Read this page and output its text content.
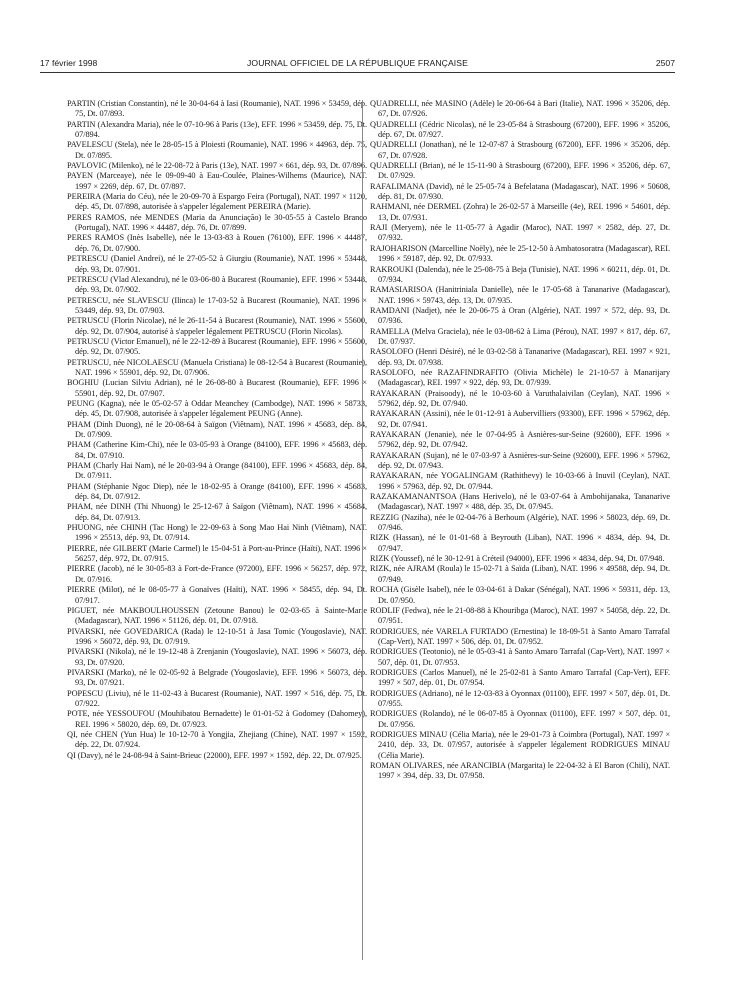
JOURNAL OFFICIEL DE LA RÉPUBLIQUE FRANÇAISE
17 février 1998	2507

PARTIN (Cristian Constantin), né le 30-04-64 à Iasi (Roumanie), NAT. 1996 × 53459, dép. 75, Dt. 07/893.

PARTIN (Alexandra Maria), née le 07-10-96 à Paris (13e), EFF. 1996 × 53459, dép. 75, Dt. 07/894.

PAVELESCU (Stela), née le 28-05-15 à Ploiesti (Roumanie), NAT. 1996 × 44963, dép. 75, Dt. 07/895.

PAVLOVIC (Milenko), né le 22-08-72 à Paris (13e), NAT. 1997 × 661, dép. 93, Dt. 07/896.

PAYEN (Marceaye), née le 09-09-40 à Eau-Coulée, Plaines-Wilhems (Maurice), NAT. 1997 × 2269, dép. 67, Dt. 07/897.

PEREIRA (Maria do Céu), née le 20-09-70 à Espargo Feira (Portugal), NAT. 1997 × 1120, dép. 45, Dt. 07/898, autorisée à s'appeler légalement PEREIRA (Marie).

PERES RAMOS, née MENDES (Maria da Anunciação) le 30-05-55 à Castelo Branco (Portugal), NAT. 1996 × 44487, dép. 76, Dt. 07/899.

PERES RAMOS (Inès Isabelle), née le 13-03-83 à Rouen (76100), EFF. 1996 × 44487, dép. 76, Dt. 07/900.

PETRESCU (Daniel Andrei), né le 27-05-52 à Giurgiu (Roumanie), NAT. 1996 × 53448, dép. 93, Dt. 07/901.

PETRESCU (Vlad Alexandru), né le 03-06-80 à Bucarest (Roumanie), EFF. 1996 × 53448, dép. 93, Dt. 07/902.

PETRESCU, née SLAVESCU (Ilinca) le 17-03-52 à Bucarest (Roumanie), NAT. 1996 × 53449, dép. 93, Dt. 07/903.

PETRUSCU (Florin Nicolae), né le 26-11-54 à Bucarest (Roumanie), NAT. 1996 × 55600, dép. 92, Dt. 07/904, autorisé à s'appeler légalement PETRUSCU (Florin Nicolas).

PETRUSCU (Victor Emanuel), né le 22-12-89 à Bucarest (Roumanie), EFF. 1996 × 55600, dép. 92, Dt. 07/905.

PETRUSCU, née NICOLAESCU (Manuela Cristiana) le 08-12-54 à Bucarest (Roumanie), NAT. 1996 × 55901, dép. 92, Dt. 07/906.

BOGHIU (Lucian Silviu Adrian), né le 26-08-80 à Bucarest (Roumanie), EFF. 1996 × 55901, dép. 92, Dt. 07/907.

PEUNG (Kagna), née le 05-02-57 à Oddar Meanchey (Cambodge), NAT. 1996 × 58733, dép. 45, Dt. 07/908, autorisée à s'appeler légalement PEUNG (Anne).

PHAM (Dinh Duong), né le 20-08-64 à Saïgon (Viêtnam), NAT. 1996 × 45683, dép. 84, Dt. 07/909.

PHAM (Catherine Kim-Chi), née le 03-05-93 à Orange (84100), EFF. 1996 × 45683, dép. 84, Dt. 07/910.

PHAM (Charly Hai Nam), né le 20-03-94 à Orange (84100), EFF. 1996 × 45683, dép. 84, Dt. 07/911.

PHAM (Stéphanie Ngoc Diep), née le 18-02-95 à Orange (84100), EFF. 1996 × 45683, dép. 84, Dt. 07/912.

PHAM, née DINH (Thi Nhuong) le 25-12-67 à Saïgon (Viêtnam), NAT. 1996 × 45684, dép. 84, Dt. 07/913.

PHUONG, née CHINH (Tac Hong) le 22-09-63 à Song Mao Hai Ninh (Viêtnam), NAT. 1996 × 25513, dép. 93, Dt. 07/914.

PIERRE, née GILBERT (Marie Carmel) le 15-04-51 à Port-au-Prince (Haïti), NAT. 1996 × 56257, dép. 972, Dt. 07/915.

PIERRE (Jacob), né le 30-05-83 à Fort-de-France (97200), EFF. 1996 × 56257, dép. 972, Dt. 07/916.

PIERRE (Milot), né le 08-05-77 à Gonaïves (Haïti), NAT. 1996 × 58455, dép. 94, Dt. 07/917.

PIGUET, née MAKBOULHOUSSEN (Zetoune Banou) le 02-03-65 à Sainte-Marie (Madagascar), NAT. 1996 × 51126, dép. 01, Dt. 07/918.

PIVARSKI, née GOVEDARICA (Rada) le 12-10-51 à Jasa Tomic (Yougoslavie), NAT. 1996 × 56072, dép. 93, Dt. 07/919.

PIVARSKI (Nikola), né le 19-12-48 à Zrenjanin (Yougoslavie), NAT. 1996 × 56073, dép. 93, Dt. 07/920.

PIVARSKI (Marko), né le 02-05-92 à Belgrade (Yougoslavie), EFF. 1996 × 56073, dép. 93, Dt. 07/921.

POPESCU (Liviu), né le 11-02-43 à Bucarest (Roumanie), NAT. 1997 × 516, dép. 75, Dt. 07/922.

POTE, née YESSOUFOU (Mouhibatou Bernadette) le 01-01-52 à Godomey (Dahomey), REI. 1996 × 58020, dép. 69, Dt. 07/923.

QI, née CHEN (Yun Hua) le 10-12-70 à Yongjia, Zhejiang (Chine), NAT. 1997 × 1592, dép. 22, Dt. 07/924.

QI (Davy), né le 24-08-94 à Saint-Brieuc (22000), EFF. 1997 × 1592, dép. 22, Dt. 07/925.

QUADRELLI, née MASINO (Adèle) le 20-06-64 à Bari (Italie), NAT. 1996 × 35206, dép. 67, Dt. 07/926.

QUADRELLI (Cédric Nicolas), né le 23-05-84 à Strasbourg (67200), EFF. 1996 × 35206, dép. 67, Dt. 07/927.

QUADRELLI (Jonathan), né le 12-07-87 à Strasbourg (67200), EFF. 1996 × 35206, dép. 67, Dt. 07/928.

QUADRELLI (Brian), né le 15-11-90 à Strasbourg (67200), EFF. 1996 × 35206, dép. 67, Dt. 07/929.

RAFALIMANA (David), né le 25-05-74 à Befelatana (Madagascar), NAT. 1996 × 50608, dép. 81, Dt. 07/930.

RAHMANI, née DERMEL (Zohra) le 26-02-57 à Marseille (4e), REI. 1996 × 54601, dép. 13, Dt. 07/931.

RAJI (Meryem), née le 11-05-77 à Agadir (Maroc), NAT. 1997 × 2582, dép. 27, Dt. 07/932.

RAJOHARISON (Marcelline Noëly), née le 25-12-50 à Ambatosoratra (Madagascar), REI. 1996 × 59187, dép. 92, Dt. 07/933.

RAKROUKI (Dalenda), née le 25-08-75 à Beja (Tunisie), NAT. 1996 × 60211, dép. 01, Dt. 07/934.

RAMASIARISOA (Hanitriniala Danielle), née le 17-05-68 à Tananarive (Madagascar), NAT. 1996 × 59743, dép. 13, Dt. 07/935.

RAMDANI (Nadjet), née le 20-06-75 à Oran (Algérie), NAT. 1997 × 572, dép. 93, Dt. 07/936.

RAMELLA (Melva Graciela), née le 03-08-62 à Lima (Pérou), NAT. 1997 × 817, dép. 67, Dt. 07/937.

RASOLOFO (Henri Désiré), né le 03-02-58 à Tananarive (Madagascar), REI. 1997 × 921, dép. 93, Dt. 07/938.

RASOLOFO, née RAZAFINDRAFITO (Olivia Michèle) le 21-10-57 à Manarijary (Madagascar), REI. 1997 × 922, dép. 93, Dt. 07/939.

RAYAKARAN (Praisoody), né le 10-03-60 à Varuthalaivilan (Ceylan), NAT. 1996 × 57962, dép. 92, Dt. 07/940.

RAYAKARAN (Assini), née le 01-12-91 à Aubervilliers (93300), EFF. 1996 × 57962, dép. 92, Dt. 07/941.

RAYAKARAN (Jenanie), née le 07-04-95 à Asnières-sur-Seine (92600), EFF. 1996 × 57962, dép. 92, Dt. 07/942.

RAYAKARAN (Sujan), né le 07-03-97 à Asnières-sur-Seine (92600), EFF. 1996 × 57962, dép. 92, Dt. 07/943.

RAYAKARAN, née YOGALINGAM (Rathithevy) le 10-03-66 à Inuvil (Ceylan), NAT. 1996 × 57963, dép. 92, Dt. 07/944.

RAZAKAMANANTSOA (Hans Herivelo), né le 03-07-64 à Ambohijanaka, Tananarive (Madagascar), NAT. 1997 × 488, dép. 35, Dt. 07/945.

REZZIG (Naziha), née le 02-04-76 à Berhoum (Algérie), NAT. 1996 × 58023, dép. 69, Dt. 07/946.

RIZK (Hassan), né le 01-01-68 à Beyrouth (Liban), NAT. 1996 × 4834, dép. 94, Dt. 07/947.

RIZK (Youssef), né le 30-12-91 à Créteil (94000), EFF. 1996 × 4834, dép. 94, Dt. 07/948.

RIZK, née AJRAM (Roula) le 15-02-71 à Saïda (Liban), NAT. 1996 × 49588, dép. 94, Dt. 07/949.

ROCHA (Gisèle Isabel), née le 03-04-61 à Dakar (Sénégal), NAT. 1996 × 59311, dép. 13, Dt. 07/950.

RODLIF (Fedwa), née le 21-08-88 à Khouribga (Maroc), NAT. 1997 × 54058, dép. 22, Dt. 07/951.

RODRIGUES, née VARELA FURTADO (Ernestina) le 18-09-51 à Santo Amaro Tarrafal (Cap-Vert), NAT. 1997 × 506, dép. 01, Dt. 07/952.

RODRIGUES (Teotonio), né le 05-03-41 à Santo Amaro Tarrafal (Cap-Vert), NAT. 1997 × 507, dép. 01, Dt. 07/953.

RODRIGUES (Carlos Manuel), né le 25-02-81 à Santo Amaro Tarrafal (Cap-Vert), EFF. 1997 × 507, dép. 01, Dt. 07/954.

RODRIGUES (Adriano), né le 12-03-83 à Oyonnax (01100), EFF. 1997 × 507, dép. 01, Dt. 07/955.

RODRIGUES (Rolando), né le 06-07-85 à Oyonnax (01100), EFF. 1997 × 507, dép. 01, Dt. 07/956.

RODRIGUES MINAU (Célia Maria), née le 29-01-73 à Coimbra (Portugal), NAT. 1997 × 2410, dép. 33, Dt. 07/957, autorisée à s'appeler légalement RODRIGUES MINAU (Célia Marie).

ROMAN OLIVARES, née ARANCIBIA (Margarita) le 22-04-32 à El Baron (Chili), NAT. 1997 × 394, dép. 33, Dt. 07/958.
